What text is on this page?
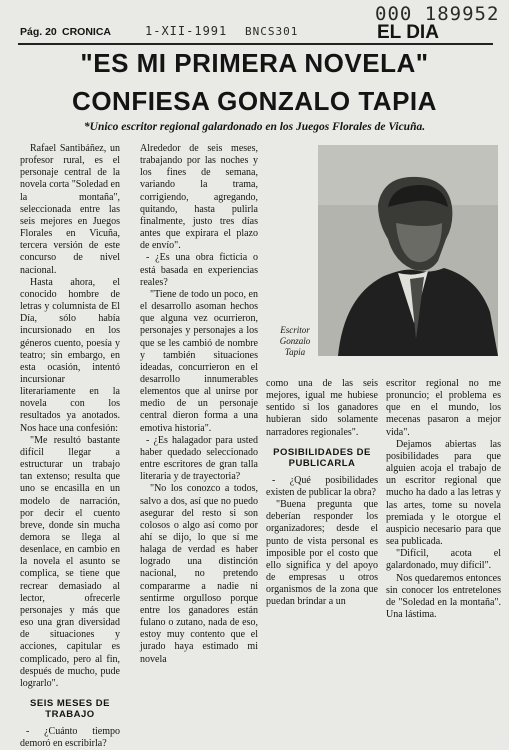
000 189952
Pág. 20 CRONICA	1-XII-1991 BNCS301	EL DIA
"ES MI PRIMERA NOVELA"
CONFIESA GONZALO TAPIA
*Unico escritor regional galardonado en los Juegos Florales de Vicuña.

Rafael Santibáñez, un profesor rural, es el personaje central de la novela corta "Soledad en la montaña", seleccionada entre las seis mejores en Juegos Florales en Vicuña, tercera versión de este concurso de nivel nacional.

Hasta ahora, el conocido hombre de letras y columnista de El Día, sólo había incursionado en los géneros cuento, poesía y teatro; sin embargo, en esta ocasión, intentó incursionar literariamente en la novela con los resultados ya anotados. Nos hace una confesión:

"Me resultó bastante difícil llegar a estructurar un trabajo tan extenso; resulta que uno se encasilla en un modelo de narración, por decir el cuento breve, donde sin mucha demora se llega al desenlace, en cambio en la novela el asunto se complica, se tiene que recrear demasiado al lector, ofrecerle personajes y más que eso una gran diversidad de situaciones y acciones, capitular es complicado, pero al fin, después de mucho, pude lograrlo".

SEIS MESES DE TRABAJO

- ¿Cuánto tiempo demoró en escribirla?

Alrededor de seis meses, trabajando por las noches y los fines de semana, variando la trama, corrigiendo, agregando, quitando, hasta pulirla finalmente, justo tres días antes que expirara el plazo de envío".

- ¿Es una obra ficticia o está basada en experiencias reales?

"Tiene de todo un poco, en el desarrollo asoman hechos que alguna vez ocurrieron, personajes y personajes a los que se les cambió de nombre y también situaciones ideadas, concurrieron en el desarrollo innumerables elementos que al unirse por medio de un personaje central dieron forma a una emotiva historia".

- ¿Es halagador para usted haber quedado seleccionado entre escritores de gran talla literaria y de trayectoria?

"No los conozco a todos, salvo a dos, así que no puedo asegurar del resto si son colosos o algo así como por ahí se dijo, lo que sí me halaga de verdad es haber logrado una distinción nacional, no pretendo compararme a nadie ni sentirme orgulloso porque entre los ganadores están fulano o zutano, nada de eso, estoy muy contento que el jurado haya estimado mi novela

Escritor
Gonzalo
Tapia

como una de las seis mejores, igual me hubiese sentido si los ganadores hubieran sido solamente narradores regionales".

POSIBILIDADES DE PUBLICARLA

- ¿Qué posibilidades existen de publicar la obra?

"Buena pregunta que deberían responder los organizadores; desde el punto de vista personal es imposible por el costo que ello significa y del apoyo de empresas u otros organismos de la zona que puedan brindar a un

escritor regional no me pronuncio; el problema es que en el mundo, los mecenas pasaron a mejor vida".

Dejamos abiertas las posibilidades para que alguien acoja el trabajo de un escritor regional que mucho ha dado a las letras y las artes, tome su novela premiada y le otorgue el auspicio necesario para que sea publicada.

"Difícil, acota el galardonado, muy difícil".

Nos quedaremos entonces sin conocer los entretelones de "Soledad en la montaña". Una lástima.
